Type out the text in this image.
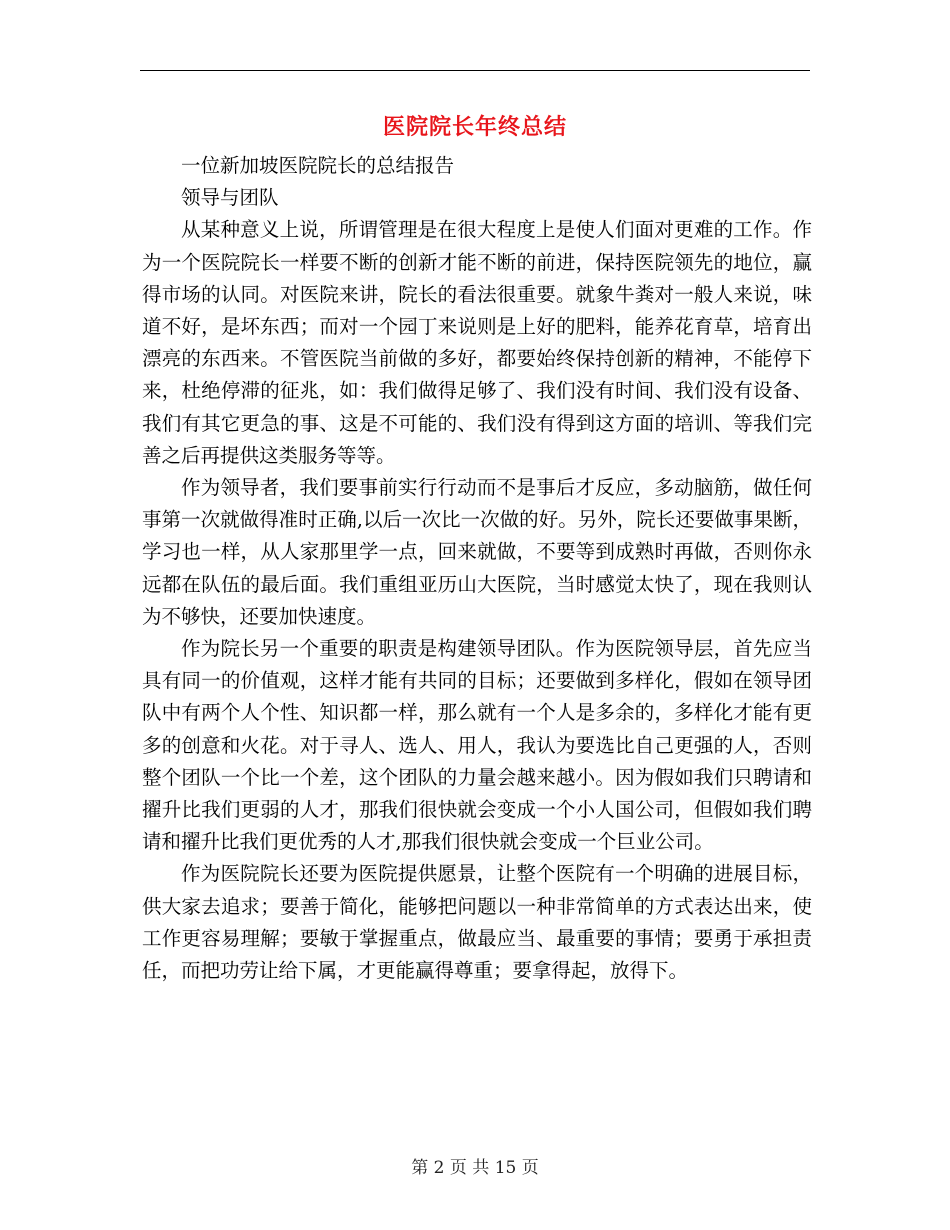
医院院长年终总结

一位新加坡医院院长的总结报告

领导与团队

从某种意义上说，所谓管理是在很大程度上是使人们面对更难的工作。作为一个医院院长一样要不断的创新才能不断的前进，保持医院领先的地位，赢得市场的认同。对医院来讲，院长的看法很重要。就象牛粪对一般人来说，味道不好，是坏东西；而对一个园丁来说则是上好的肥料，能养花育草，培育出漂亮的东西来。不管医院当前做的多好，都要始终保持创新的精神，不能停下来，杜绝停滞的征兆，如：我们做得足够了、我们没有时间、我们没有设备、我们有其它更急的事、这是不可能的、我们没有得到这方面的培训、等我们完善之后再提供这类服务等等。

作为领导者，我们要事前实行行动而不是事后才反应，多动脑筋，做任何事第一次就做得准时正确,以后一次比一次做的好。另外，院长还要做事果断，学习也一样，从人家那里学一点，回来就做，不要等到成熟时再做，否则你永远都在队伍的最后面。我们重组亚历山大医院，当时感觉太快了，现在我则认为不够快，还要加快速度。

作为院长另一个重要的职责是构建领导团队。作为医院领导层，首先应当具有同一的价值观，这样才能有共同的目标；还要做到多样化，假如在领导团队中有两个人个性、知识都一样，那么就有一个人是多余的，多样化才能有更多的创意和火花。对于寻人、选人、用人，我认为要选比自己更强的人，否则整个团队一个比一个差，这个团队的力量会越来越小。因为假如我们只聘请和擢升比我们更弱的人才，那我们很快就会变成一个小人国公司，但假如我们聘请和擢升比我们更优秀的人才,那我们很快就会变成一个巨业公司。

作为医院院长还要为医院提供愿景，让整个医院有一个明确的进展目标，供大家去追求；要善于简化，能够把问题以一种非常简单的方式表达出来，使工作更容易理解；要敏于掌握重点，做最应当、最重要的事情；要勇于承担责任，而把功劳让给下属，才更能赢得尊重；要拿得起，放得下。

第 2 页 共 15 页
